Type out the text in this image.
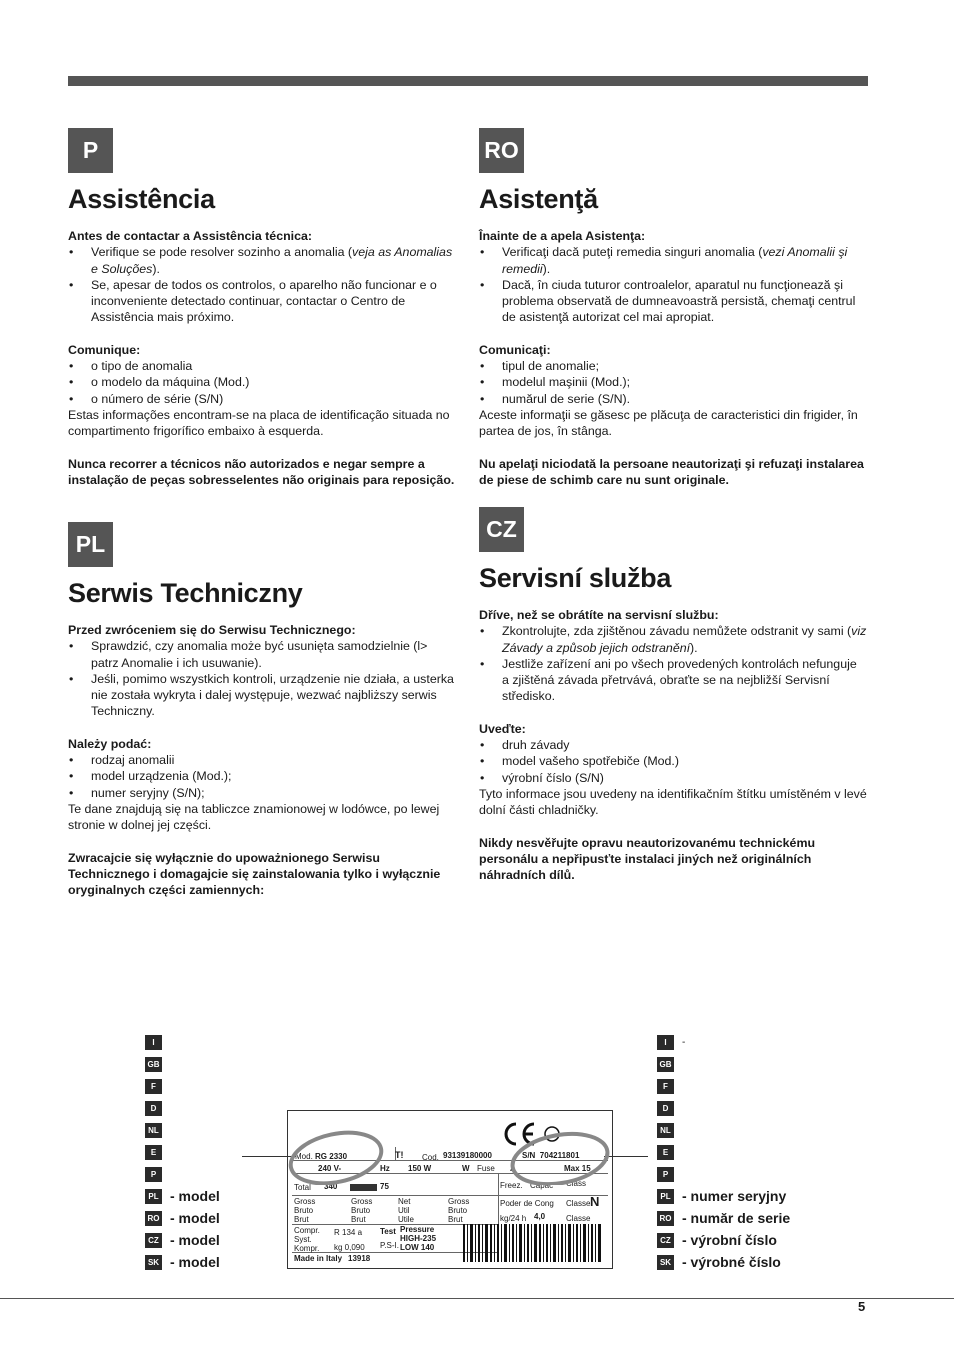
P
Assistência

Antes de contactar a Assistência técnica:

• Verifique se pode resolver sozinho a anomalia (veja as Anomalias e Soluções).
• Se, apesar de todos os controlos, o aparelho não funcionar e o inconveniente detectado continuar, contactar o Centro de Assistência mais próximo.

Comunique:

• o tipo de anomalia
• o modelo da máquina (Mod.)
• o número de série (S/N)

Estas informações encontram-se na placa de identificação situada no compartimento frigorífico embaixo à esquerda.

Nunca recorrer a técnicos não autorizados e negar sempre a instalação de peças sobresselentes não originais para reposição.

RO
Asistenţă

Înainte de a apela Asistenţa:

• Verificaţi dacă puteţi remedia singuri anomalia (vezi Anomalii şi remedii).
• Dacă, în ciuda tuturor controalelor, aparatul nu funcţionează şi problema observată de dumneavoastră persistă, chemaţi centrul de asistenţă autorizat cel mai apropiat.

Comunicaţi:

• tipul de anomalie;
• modelul maşinii (Mod.);
• numărul de serie (S/N).

Aceste informaţii se găsesc pe plăcuţa de caracteristici din frigider, în partea de jos, în stânga.

Nu apelaţi niciodată la persoane neautorizaţi şi refuzaţi instalarea de piese de schimb care nu sunt originale.

PL
Serwis Techniczny

Przed zwróceniem się do Serwisu Technicznego:

• Sprawdzić, czy anomalia może być usunięta samodzielnie (l> patrz Anomalie i ich usuwanie).
• Jeśli, pomimo wszystkich kontroli, urządzenie nie działa, a usterka nie została wykryta i dalej występuje, wezwać najbliższy serwis Techniczny.

Należy podać:

• rodzaj anomalii
• model urządzenia (Mod.);
• numer seryjny (S/N);

Te dane znajdują się na tabliczce znamionowej w lodówce, po lewej stronie w dolnej jej części.

Zwracajcie się wyłącznie do upoważnionego Serwisu Technicznego i domagajcie się zainstalowania tylko i wyłącznie oryginalnych części zamiennych:

CZ
Servisní služba

Dříve, než se obrátíte na servisní službu:

• Zkontrolujte, zda zjištěnou závadu nemůžete odstranit vy sami (viz Závady a způsob jejich odstranění).
• Jestliže zařízení ani po všech provedených kontrolách nefunguje a zjištěná závada přetrvává, obraťte se na nejbližší Servisní středisko.

Uveďte:

• druh závady
• model vašeho spotřebiče (Mod.)
• výrobní číslo (S/N)

Tyto informace jsou uvedeny na identifikačním štítku umístěném v levé dolní části chladničky.

Nikdy nesvěřujte opravu neautorizovanému technickému personálu a nepřipusťte instalaci jiných než originálních náhradních dílů.

I
GB
F
D
NL
E
P
PL - model
RO - model
CZ - model
SK - model
I	-
GB
F
D
NL
E
P
PL - numer seryjny
RO - număr de serie
CZ - výrobní číslo
SK - výrobné číslo
Mod. RG 2330	T! Cod. 93139180000	S/N 704211801
240 V-	Hz 150 W	W Fuse A	Max 15
Total 340	75	Freez. Capac Class
Gross
Bruto
Brut
Gross
Bruto
Brut
Net
Util
Utile
Gross
Bruto
Brut
Poder de Cong Classe N
kg/24 h 4,0	Classe
Compr.
Syst.
R 134 a Test Pressure
HIGH-235
Kompr. kg 0,090 P.S-I. LOW 140
Made in Italy 13918
5
